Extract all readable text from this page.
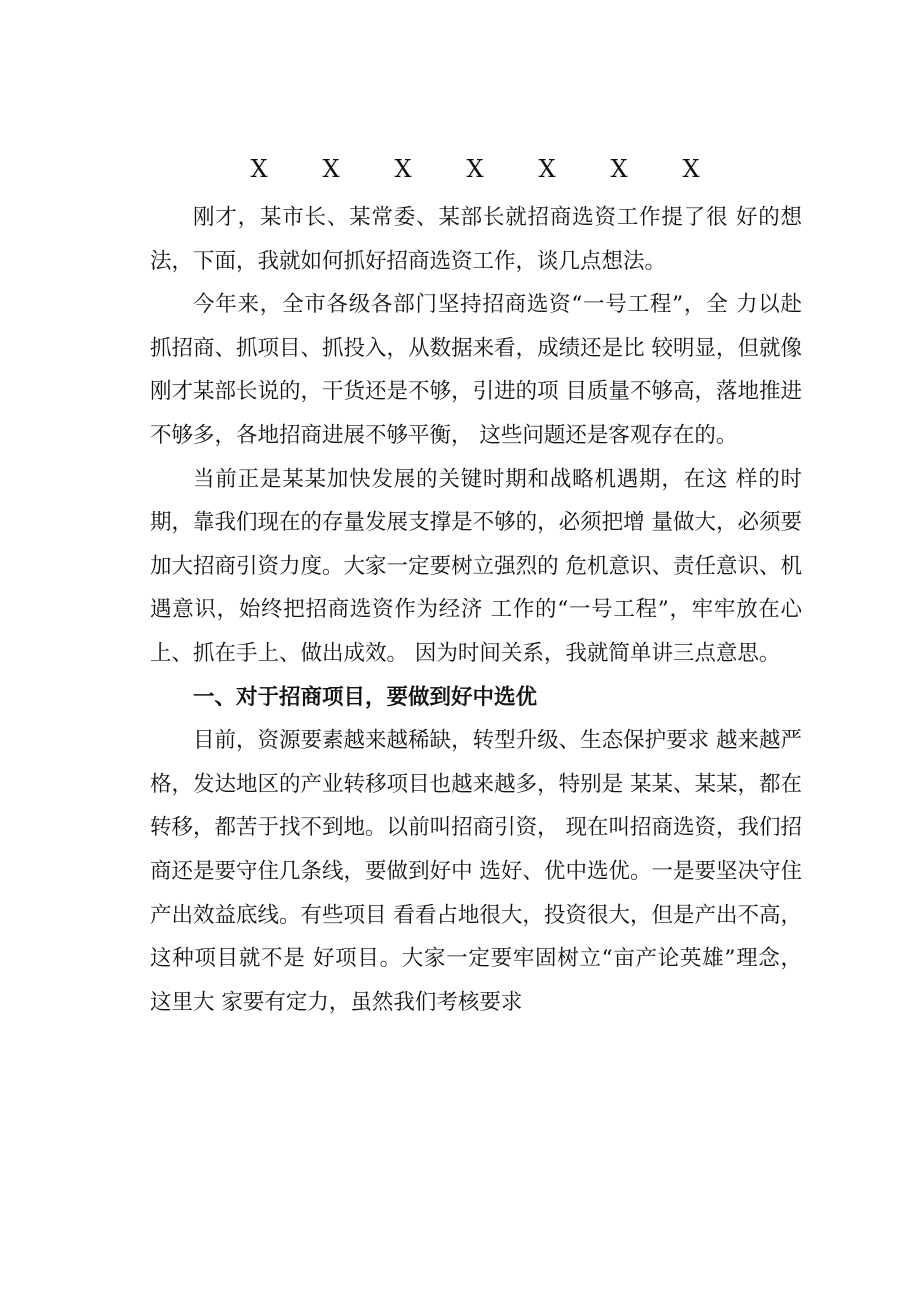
X	X	X	X	X	X	X

刚才，某市长、某常委、某部长就招商选资工作提了很 好的想法，下面，我就如何抓好招商选资工作，谈几点想法。

今年来，全市各级各部门坚持招商选资“一号工程”，全 力以赴抓招商、抓项目、抓投入，从数据来看，成绩还是比 较明显，但就像刚才某部长说的，干货还是不够，引进的项 目质量不够高，落地推进不够多，各地招商进展不够平衡， 这些问题还是客观存在的。

当前正是某某加快发展的关键时期和战略机遇期，在这 样的时期，靠我们现在的存量发展支撑是不够的，必须把增 量做大，必须要加大招商引资力度。大家一定要树立强烈的 危机意识、责任意识、机遇意识，始终把招商选资作为经济 工作的“一号工程”，牢牢放在心上、抓在手上、做出成效。 因为时间关系，我就简单讲三点意思。

一、对于招商项目，要做到好中选优

目前，资源要素越来越稀缺，转型升级、生态保护要求 越来越严格，发达地区的产业转移项目也越来越多，特别是 某某、某某，都在转移，都苦于找不到地。以前叫招商引资， 现在叫招商选资，我们招商还是要守住几条线，要做到好中 选好、优中选优。一是要坚决守住产出效益底线。有些项目 看看占地很大，投资很大，但是产出不高，这种项目就不是 好项目。大家一定要牢固树立“亩产论英雄”理念，这里大 家要有定力，虽然我们考核要求
